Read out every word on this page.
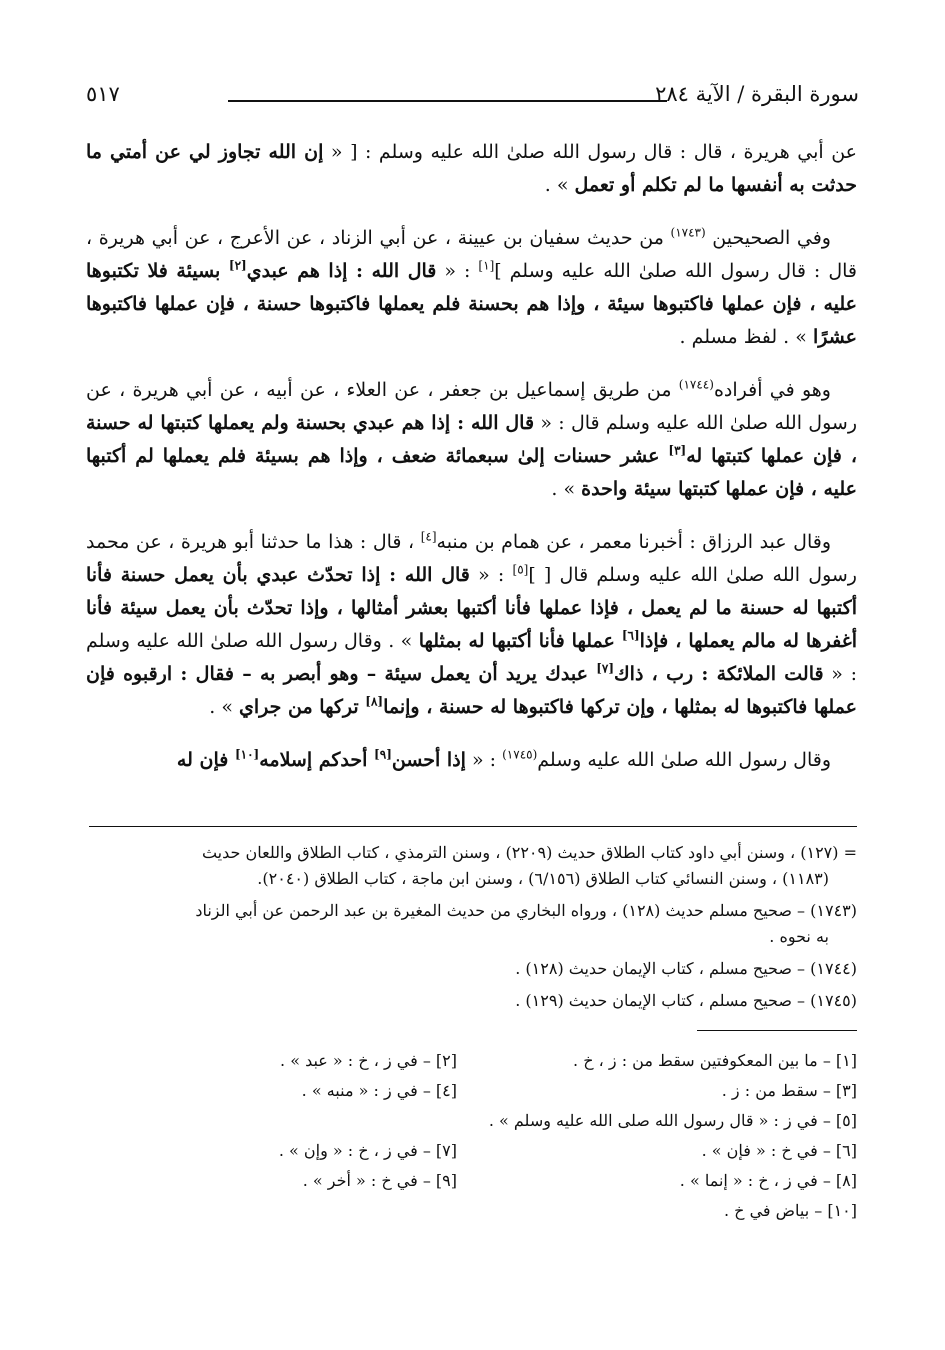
سورة البقرة / الآية ٢٨٤
٥١٧

عن أبي هريرة ، قال : قال رسول الله صلىٰ الله عليه وسلم : [ « إن الله تجاوز لي عن أمتي ما حدثت به أنفسها ما لم تكلم أو تعمل » .

وفي الصحيحين $^{(١٧٤٣)}$ من حديث سفيان بن عيينة ، عن أبي الزناد ، عن الأعرج ، عن أبي هريرة ، قال : قال رسول الله صلىٰ الله عليه وسلم ][١] : « قال الله : إذا هم عبدي[٢] بسيئة فلا تكتبوها عليه ، فإن عملها فاكتبوها سيئة ، وإذا هم بحسنة فلم يعملها فاكتبوها حسنة ، فإن عملها فاكتبوها عشرًا » . لفظ مسلم .

وهو في أفراده$^{(١٧٤٤)}$ من طريق إسماعيل بن جعفر ، عن العلاء ، عن أبيه ، عن أبي هريرة ، عن رسول الله صلىٰ الله عليه وسلم قال : « قال الله : إذا هم عبدي بحسنة ولم يعملها كتبتها له حسنة ، فإن عملها كتبتها له[٣] عشر حسنات إلىٰ سبعمائة ضعف ، وإذا هم بسيئة فلم يعملها لم أكتبها عليه ، فإن عملها كتبتها سيئة واحدة » .

وقال عبد الرزاق : أخبرنا معمر ، عن همام بن منبه[٤] ، قال : هذا ما حدثنا أبو هريرة ، عن محمد رسول الله صلىٰ الله عليه وسلم قال [ ][٥] : « قال الله : إذا تحدّث عبدي بأن يعمل حسنة فأنا أكتبها له حسنة ما لم يعمل ، فإذا عملها فأنا أكتبها بعشر أمثالها ، وإذا تحدّث بأن يعمل سيئة فأنا أغفرها له مالم يعملها ، فإذا[٦] عملها فأنا أكتبها له بمثلها » . وقال رسول الله صلىٰ الله عليه وسلم : « قالت الملائكة : رب ، ذاك[٧] عبدك يريد أن يعمل سيئة – وهو أبصر به – فقال : ارقبوه فإن عملها فاكتبوها له بمثلها ، وإن تركها فاكتبوها له حسنة ، وإنما[٨] تركها من جراي » .

وقال رسول الله صلىٰ الله عليه وسلم$^{(١٧٤٥)}$ : « إذا أحسن[٩] أحدكم إسلامه[١٠] فإن له

= (١٢٧) ، وسنن أبي داود كتاب الطلاق حديث (٢٢٠٩) ، وسنن الترمذي ، كتاب الطلاق واللعان حديث
(١١٨٣) ، وسنن النسائي كتاب الطلاق (٦/١٥٦) ، وسنن ابن ماجة ، كتاب الطلاق (٢٠٤٠).
(١٧٤٣) – صحيح مسلم حديث (١٢٨) ، ورواه البخاري من حديث المغيرة بن عبد الرحمن عن أبي الزناد
به نحوه .
(١٧٤٤) – صحيح مسلم ، كتاب الإيمان حديث (١٢٨) .
(١٧٤٥) – صحيح مسلم ، كتاب الإيمان حديث (١٢٩) .
[١] – ما بين المعكوفتين سقط من : ز ، خ .
[٢] – في ز ، خ : « عبد » .
[٣] – سقط من : ز .
[٤] – في ز : « منبه » .
[٥] – في ز : « قال رسول الله صلى الله عليه وسلم » .
[٦] – في خ : « فإن » .
[٧] – في ز ، خ : « وإن » .
[٨] – في ز ، خ : « إنما » .
[٩] – في خ : « أخر » .
[١٠] – بياض في خ .
